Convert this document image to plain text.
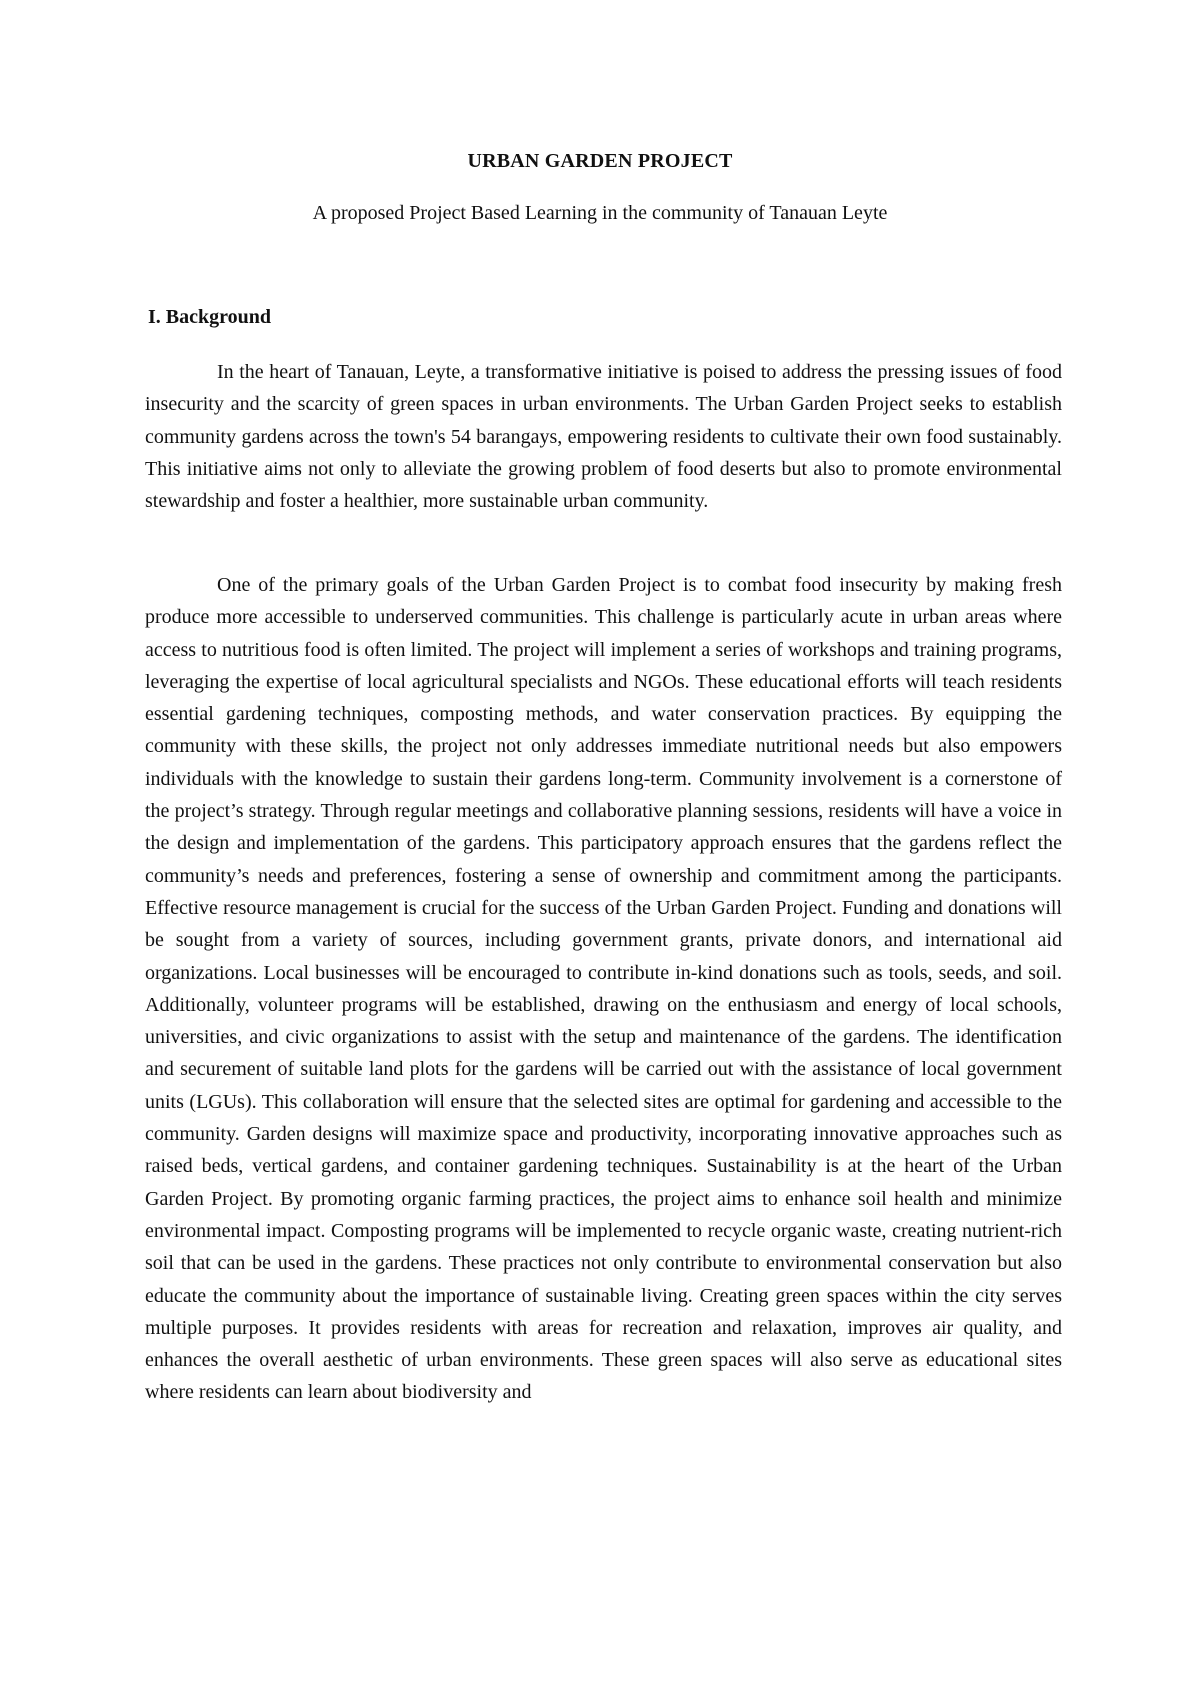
URBAN GARDEN PROJECT
A proposed Project Based Learning in the community of Tanauan Leyte
I. Background

In the heart of Tanauan, Leyte, a transformative initiative is poised to address the pressing issues of food insecurity and the scarcity of green spaces in urban environments. The Urban Garden Project seeks to establish community gardens across the town's 54 barangays, empowering residents to cultivate their own food sustainably. This initiative aims not only to alleviate the growing problem of food deserts but also to promote environmental stewardship and foster a healthier, more sustainable urban community.

One of the primary goals of the Urban Garden Project is to combat food insecurity by making fresh produce more accessible to underserved communities. This challenge is particularly acute in urban areas where access to nutritious food is often limited. The project will implement a series of workshops and training programs, leveraging the expertise of local agricultural specialists and NGOs. These educational efforts will teach residents essential gardening techniques, composting methods, and water conservation practices. By equipping the community with these skills, the project not only addresses immediate nutritional needs but also empowers individuals with the knowledge to sustain their gardens long-term. Community involvement is a cornerstone of the project’s strategy. Through regular meetings and collaborative planning sessions, residents will have a voice in the design and implementation of the gardens. This participatory approach ensures that the gardens reflect the community’s needs and preferences, fostering a sense of ownership and commitment among the participants. Effective resource management is crucial for the success of the Urban Garden Project. Funding and donations will be sought from a variety of sources, including government grants, private donors, and international aid organizations. Local businesses will be encouraged to contribute in-kind donations such as tools, seeds, and soil. Additionally, volunteer programs will be established, drawing on the enthusiasm and energy of local schools, universities, and civic organizations to assist with the setup and maintenance of the gardens. The identification and securement of suitable land plots for the gardens will be carried out with the assistance of local government units (LGUs). This collaboration will ensure that the selected sites are optimal for gardening and accessible to the community. Garden designs will maximize space and productivity, incorporating innovative approaches such as raised beds, vertical gardens, and container gardening techniques. Sustainability is at the heart of the Urban Garden Project. By promoting organic farming practices, the project aims to enhance soil health and minimize environmental impact. Composting programs will be implemented to recycle organic waste, creating nutrient-rich soil that can be used in the gardens. These practices not only contribute to environmental conservation but also educate the community about the importance of sustainable living. Creating green spaces within the city serves multiple purposes. It provides residents with areas for recreation and relaxation, improves air quality, and enhances the overall aesthetic of urban environments. These green spaces will also serve as educational sites where residents can learn about biodiversity and
